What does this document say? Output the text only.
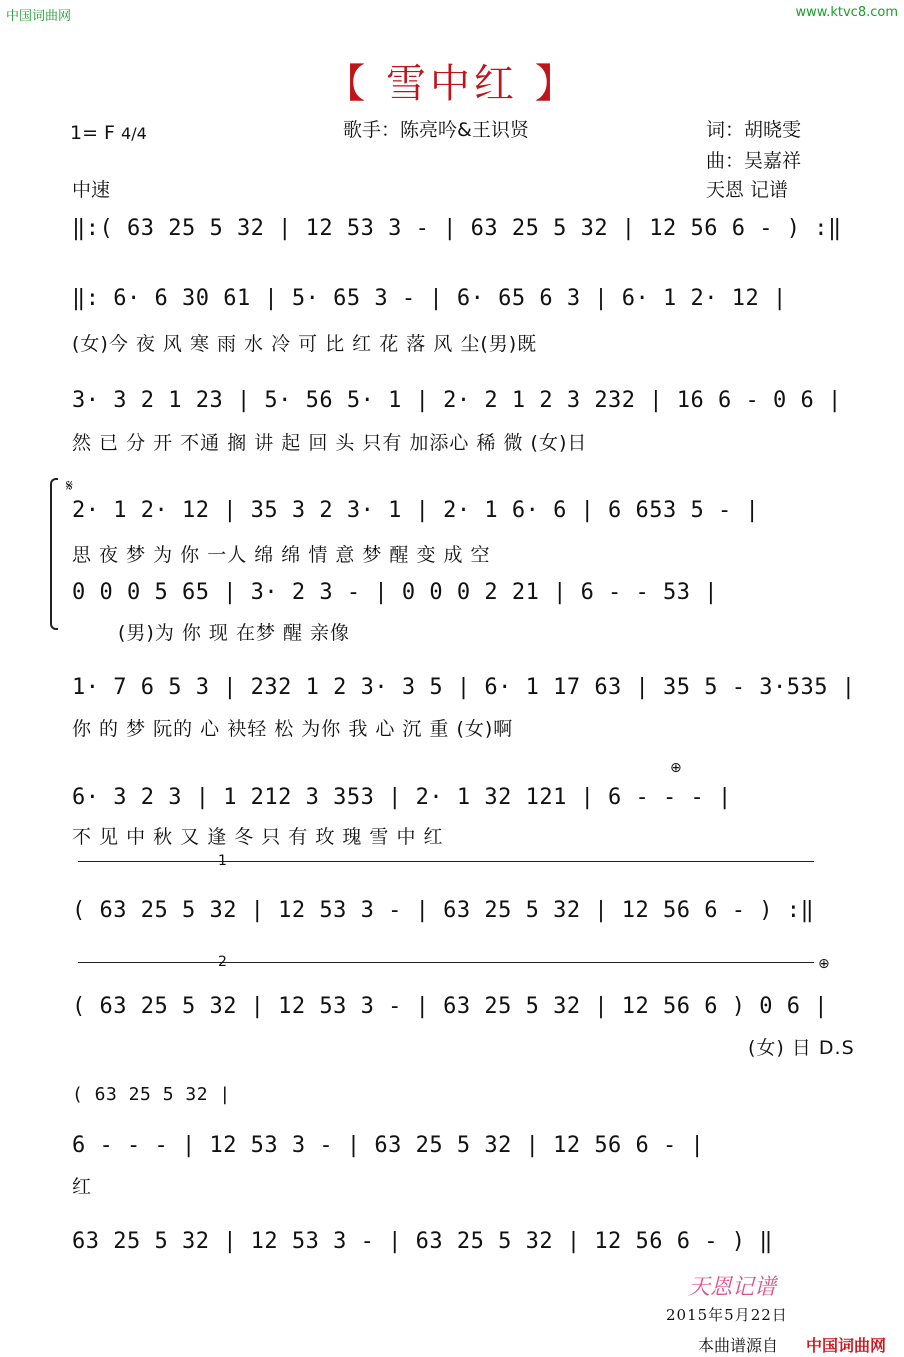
中国词曲网	www.ktvc8.com
【 雪中红 】
1= F 4/4	歌手：陈亮吟&王识贤	词：胡晓雯
曲：吴嘉祥
天恩 记谱
中速
‖:( 63 25 5 32 | 12 53 3 - | 63 25 5 32 | 12 56 6 - ) :‖
‖: 6· 6 30 61 | 5· 65 3 - | 6· 65 6 3 | 6· 1 2· 12 |
(女)今 夜 风 寒 雨 水 冷 可 比 红 花 落 风 尘(男)既
3· 3 2 1 23 | 5· 56 5· 1 | 2· 2 1 2 3 232 | 16 6 - 0 6 |
然 已 分 开 不通 搁 讲 起 回 头 只有 加添心 稀 微 (女)日
𝄋
2· 1 2· 12 | 35 3 2 3· 1 | 2· 1 6· 6 | 6 653 5 - |
思 夜 梦 为 你 一人 绵 绵 情 意 梦 醒 变 成 空
0 0 0 5 65 | 3· 2 3 - | 0 0 0 2 21 | 6 - - 53 |
(男)为 你 现 在梦 醒 亲像
1· 7 6 5 3 | 232 1 2 3· 3 5 | 6· 1 17 63 | 35 5 - 3·535 |
你 的 梦 阮的 心 袂轻 松 为你 我 心 沉 重 (女)啊
⊕
6· 3 2 3 | 1 212 3 353 | 2· 1 32 121 | 6 - - - |
不 见 中 秋 又 逢 冬 只 有 玫 瑰 雪 中 红
1
( 63 25 5 32 | 12 53 3 - | 63 25 5 32 | 12 56 6 - ) :‖
2	⊕
( 63 25 5 32 | 12 53 3 - | 63 25 5 32 | 12 56 6 ) 0 6 |
(女) 日 D.S
( 63 25 5 32 |
6 - - - | 12 53 3 - | 63 25 5 32 | 12 56 6 - |
红
63 25 5 32 | 12 53 3 - | 63 25 5 32 | 12 56 6 - ) ‖
天恩记谱
2015年5月22日
本曲谱源自 中国词曲网
